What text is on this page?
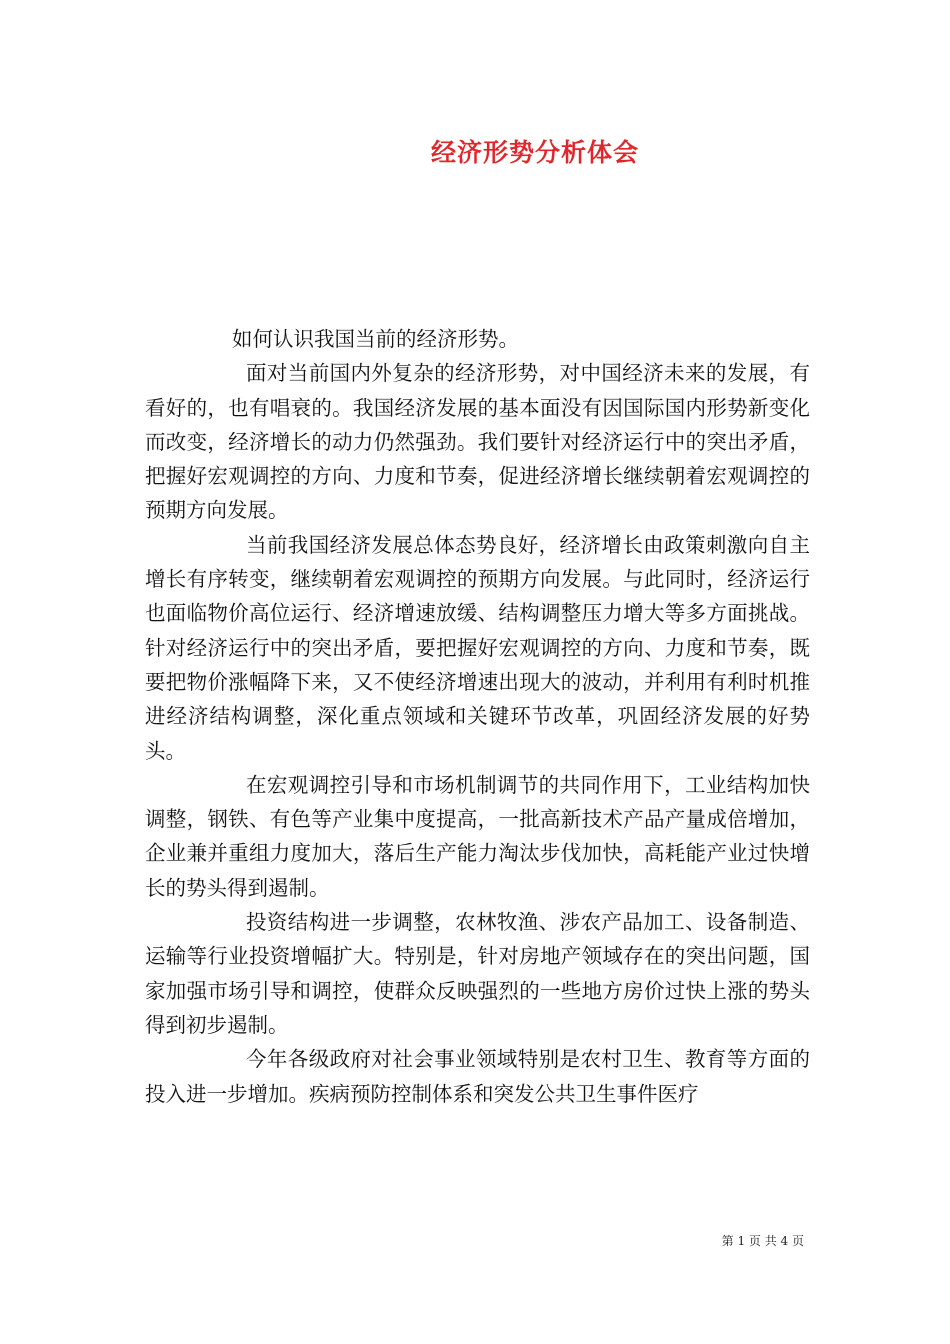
经济形势分析体会

如何认识我国当前的经济形势。

面对当前国内外复杂的经济形势，对中国经济未来的发展，有看好的，也有唱衰的。我国经济发展的基本面没有因国际国内形势新变化而改变，经济增长的动力仍然强劲。我们要针对经济运行中的突出矛盾，把握好宏观调控的方向、力度和节奏，促进经济增长继续朝着宏观调控的预期方向发展。

当前我国经济发展总体态势良好，经济增长由政策刺激向自主增长有序转变，继续朝着宏观调控的预期方向发展。与此同时，经济运行也面临物价高位运行、经济增速放缓、结构调整压力增大等多方面挑战。针对经济运行中的突出矛盾，要把握好宏观调控的方向、力度和节奏，既要把物价涨幅降下来，又不使经济增速出现大的波动，并利用有利时机推进经济结构调整，深化重点领域和关键环节改革，巩固经济发展的好势头。

在宏观调控引导和市场机制调节的共同作用下，工业结构加快调整，钢铁、有色等产业集中度提高，一批高新技术产品产量成倍增加，企业兼并重组力度加大，落后生产能力淘汰步伐加快，高耗能产业过快增长的势头得到遏制。

投资结构进一步调整，农林牧渔、涉农产品加工、设备制造、运输等行业投资增幅扩大。特别是，针对房地产领域存在的突出问题，国家加强市场引导和调控，使群众反映强烈的一些地方房价过快上涨的势头得到初步遏制。

今年各级政府对社会事业领域特别是农村卫生、教育等方面的投入进一步增加。疾病预防控制体系和突发公共卫生事件医疗

第 1 页 共 4 页
